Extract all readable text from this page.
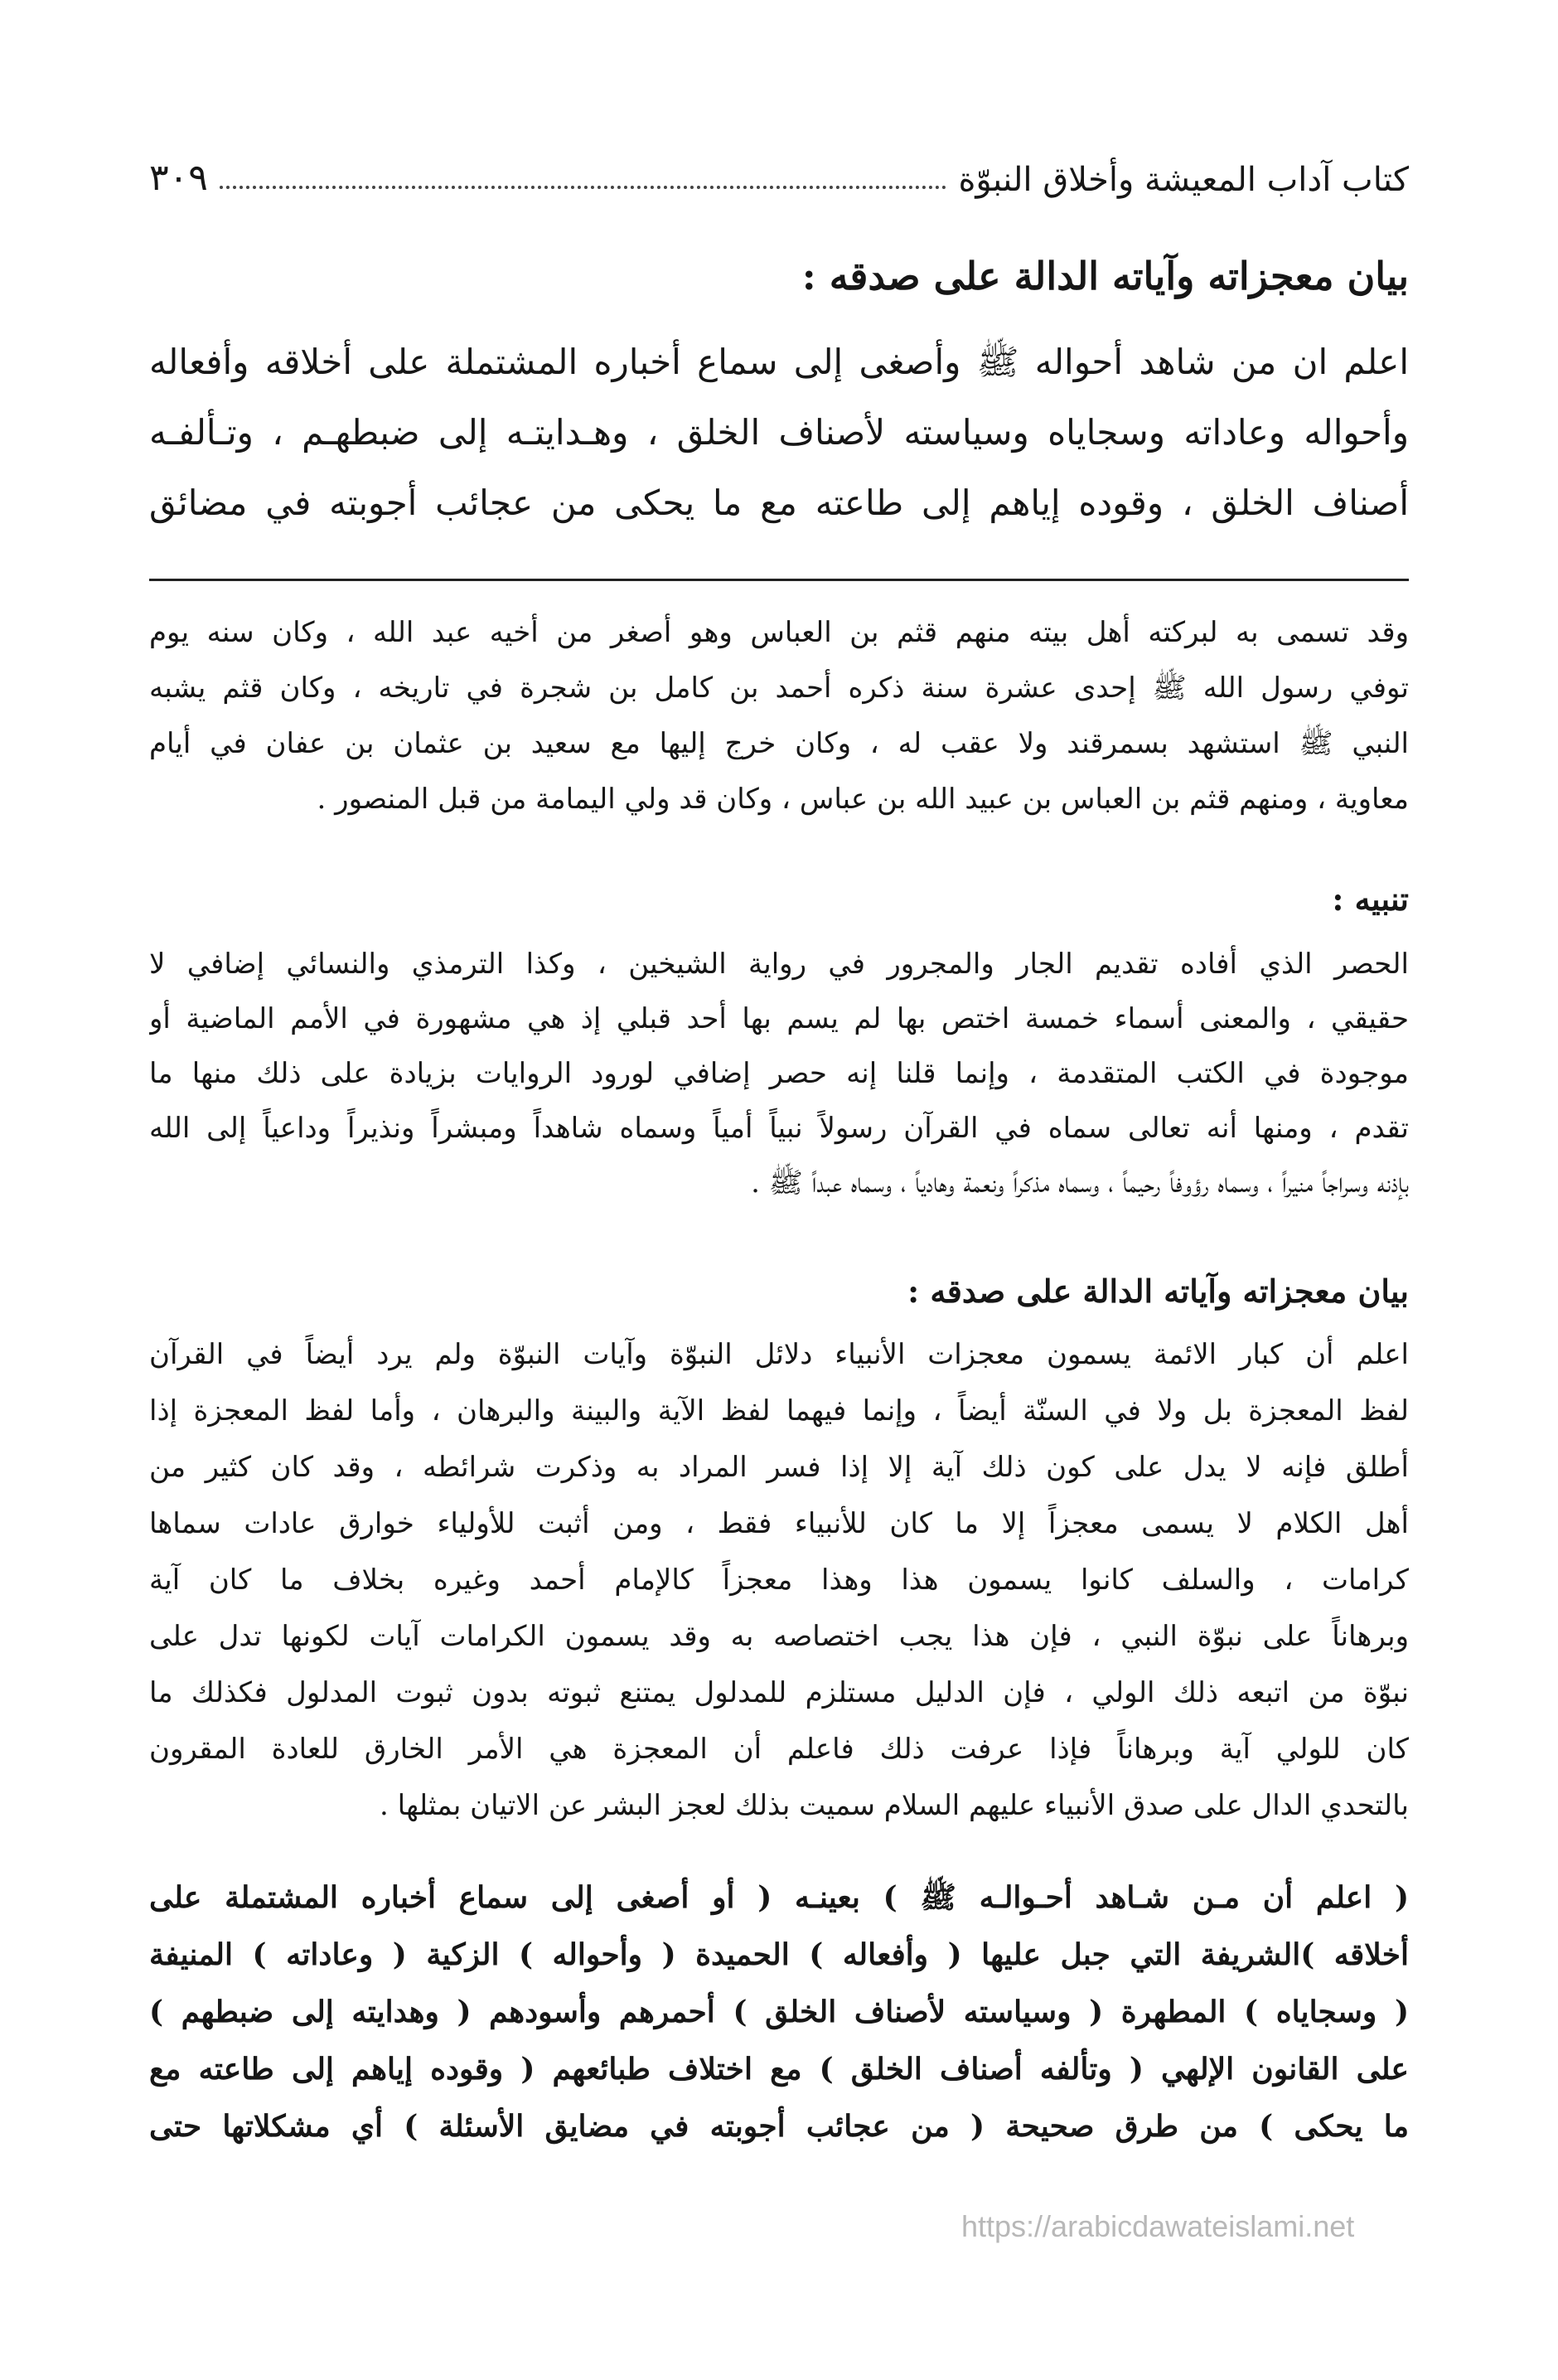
كتاب آداب المعيشة وأخلاق النبوّة
٣٠٩
بيان معجزاته وآياته الدالة على صدقه :
اعلم ان من شاهد أحواله ﷺ وأصغى إلى سماع أخباره المشتملة على أخلاقه وأفعاله
وأحواله وعاداته وسجاياه وسياسته لأصناف الخلق ، وهـدايتـه إلى ضبطهـم ، وتـألفـه
أصناف الخلق ، وقوده إياهم إلى طاعته مع ما يحكى من عجائب أجوبته في مضائق
وقد تسمى به لبركته أهل بيته منهم قثم بن العباس وهو أصغر من أخيه عبد الله ، وكان سنه يوم
توفي رسول الله ﷺ إحدى عشرة سنة ذكره أحمد بن كامل بن شجرة في تاريخه ، وكان قثم يشبه
النبي ﷺ استشهد بسمرقند ولا عقب له ، وكان خرج إليها مع سعيد بن عثمان بن عفان في أيام
معاوية ، ومنهم قثم بن العباس بن عبيد الله بن عباس ، وكان قد ولي اليمامة من قبل المنصور .
تنبيه :
الحصر الذي أفاده تقديم الجار والمجرور في رواية الشيخين ، وكذا الترمذي والنسائي إضافي لا
حقيقي ، والمعنى أسماء خمسة اختص بها لم يسم بها أحد قبلي إذ هي مشهورة في الأمم الماضية أو
موجودة في الكتب المتقدمة ، وإنما قلنا إنه حصر إضافي لورود الروايات بزيادة على ذلك منها ما
تقدم ، ومنها أنه تعالى سماه في القرآن رسولاً نبياً أمياً وسماه شاهداً ومبشراً ونذيراً وداعياً إلى الله
بإذنه وسراجاً منيراً ، وسماه رؤوفاً رحيماً ، وسماه مذكراً ونعمة وهادياً ، وسماه عبداً ﷺ .
بيان معجزاته وآياته الدالة على صدقه :
اعلم أن كبار الائمة يسمون معجزات الأنبياء دلائل النبوّة وآيات النبوّة ولم يرد أيضاً في القرآن
لفظ المعجزة بل ولا في السنّة أيضاً ، وإنما فيهما لفظ الآية والبينة والبرهان ، وأما لفظ المعجزة إذا
أطلق فإنه لا يدل على كون ذلك آية إلا إذا فسر المراد به وذكرت شرائطه ، وقد كان كثير من
أهل الكلام لا يسمى معجزاً إلا ما كان للأنبياء فقط ، ومن أثبت للأولياء خوارق عادات سماها
كرامات ، والسلف كانوا يسمون هذا وهذا معجزاً كالإمام أحمد وغيره بخلاف ما كان آية
وبرهاناً على نبوّة النبي ، فإن هذا يجب اختصاصه به وقد يسمون الكرامات آيات لكونها تدل على
نبوّة من اتبعه ذلك الولي ، فإن الدليل مستلزم للمدلول يمتنع ثبوته بدون ثبوت المدلول فكذلك ما
كان للولي آية وبرهاناً فإذا عرفت ذلك فاعلم أن المعجزة هي الأمر الخارق للعادة المقرون
بالتحدي الدال على صدق الأنبياء عليهم السلام سميت بذلك لعجز البشر عن الاتيان بمثلها .
( اعلم أن مـن شـاهد أحـوالـه ﷺ ) بعينـه ( أو أصغى إلى سماع أخباره المشتملة على
أخلاقه )الشريفة التي جبل عليها ( وأفعاله ) الحميدة ( وأحواله ) الزكية ( وعاداته ) المنيفة
( وسجاياه ) المطهرة ( وسياسته لأصناف الخلق ) أحمرهم وأسودهم ( وهدايته إلى ضبطهم )
على القانون الإلهي ( وتألفه أصناف الخلق ) مع اختلاف طبائعهم ( وقوده إياهم إلى طاعته مع
ما يحكى ) من طرق صحيحة ( من عجائب أجوبته في مضايق الأسئلة ) أي مشكلاتها حتى
https://arabicdawateislami.net
